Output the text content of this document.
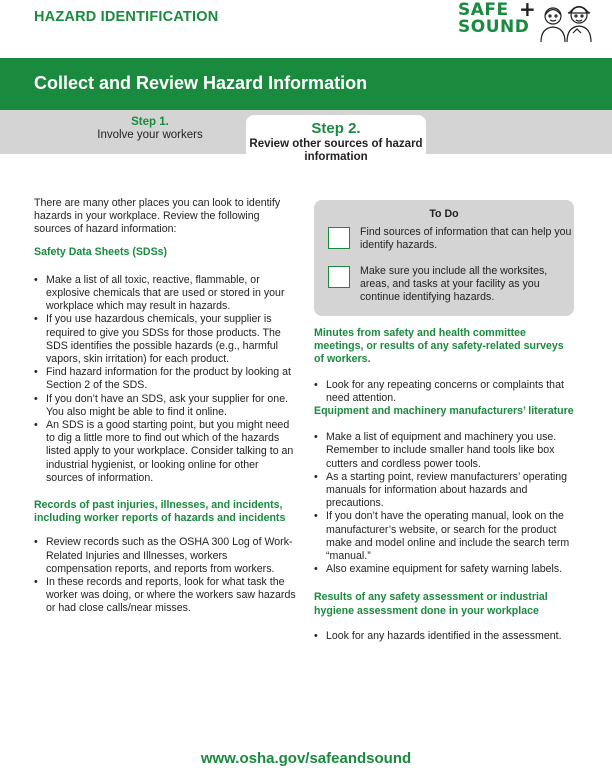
HAZARD IDENTIFICATION	SAFE +
SOUND
Collect and Review Hazard Information
Step 1.
Involve your workers	Step 2.
Review other sources of hazard information

There are many other places you can look to identify hazards in your workplace. Review the following sources of hazard information:

Safety Data Sheets (SDSs)
• Make a list of all toxic, reactive, flammable, or explosive chemicals that are used or stored in your workplace which may result in hazards.
• If you use hazardous chemicals, your supplier is required to give you SDSs for those products. The SDS identifies the possible hazards (e.g., harmful vapors, skin irritation) for each product.
• Find hazard information for the product by looking at Section 2 of the SDS.
• If you don’t have an SDS, ask your supplier for one. You also might be able to find it online.
• An SDS is a good starting point, but you might need to dig a little more to find out which of the hazards listed apply to your workplace. Consider talking to an industrial hygienist, or looking online for other sources of information.
Records of past injuries, illnesses, and incidents, including worker reports of hazards and incidents
• Review records such as the OSHA 300 Log of Work-Related Injuries and Illnesses, workers compensation reports, and reports from workers.
• In these records and reports, look for what task the worker was doing, or where the workers saw hazards or had close calls/near misses.
To Do
Find sources of information that can help you identify hazards.
Make sure you include all the worksites, areas, and tasks at your facility as you continue identifying hazards.
Minutes from safety and health committee meetings, or results of any safety-related surveys of workers.
• Look for any repeating concerns or complaints that need attention.
Equipment and machinery manufacturers’ literature
• Make a list of equipment and machinery you use. Remember to include smaller hand tools like box cutters and cordless power tools.
• As a starting point, review manufacturers’ operating manuals for information about hazards and precautions.
• If you don’t have the operating manual, look on the manufacturer’s website, or search for the product make and model online and include the search term “manual.”
• Also examine equipment for safety warning labels.
Results of any safety assessment or industrial hygiene assessment done in your workplace
• Look for any hazards identified in the assessment.
www.osha.gov/safeandsound
